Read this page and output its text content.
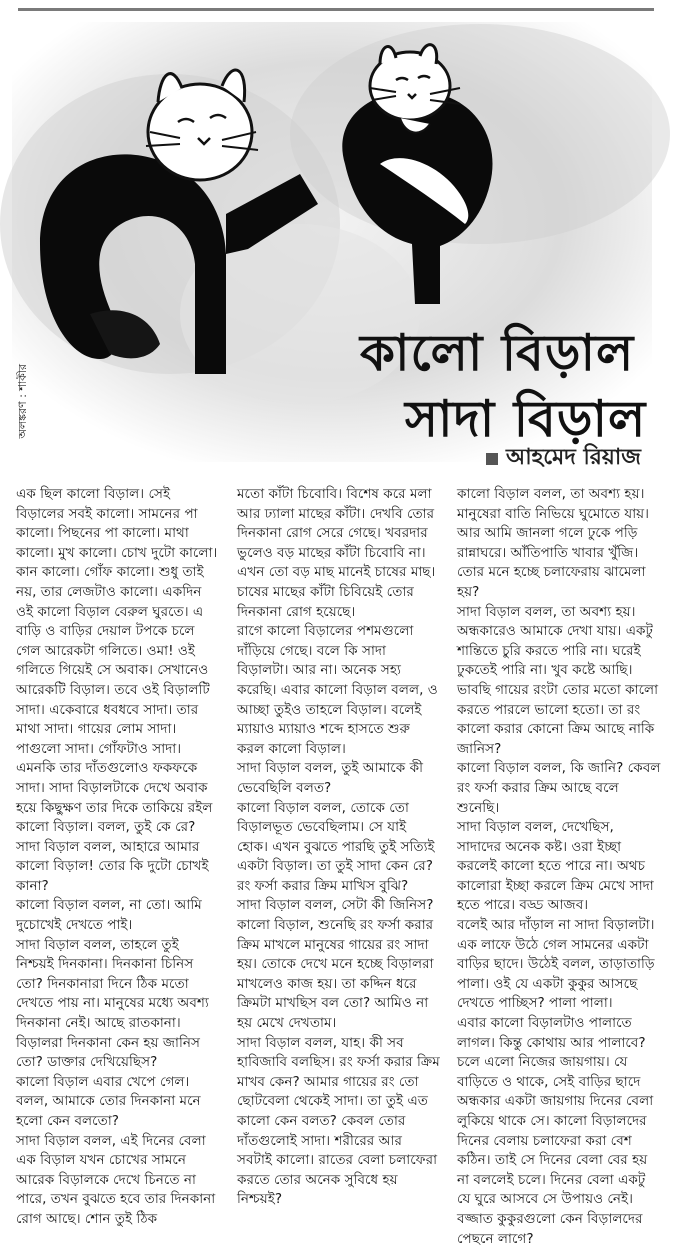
কালো বিড়াল
সাদা বিড়াল
অলঙ্করণ : শাকীর
আহমেদ রিয়াজ

এক ছিল কালো বিড়াল। সেই বিড়ালের সবই কালো। সামনের পা কালো। পিছনের পা কালো। মাথা কালো। মুখ কালো। চোখ দুটো কালো। কান কালো। গোঁফ কালো। শুধু তাই নয়, তার লেজটাও কালো। একদিন ওই কালো বিড়াল বেরুল ঘুরতে। এ বাড়ি ও বাড়ির দেয়াল টপকে চলে গেল আরেকটা গলিতে। ওমা! ওই গলিতে গিয়েই সে অবাক। সেখানেও আরেকটি বিড়াল। তবে ওই বিড়ালটি সাদা। একেবারে ধবধবে সাদা। তার মাথা সাদা। গায়ের লোম সাদা। পাগুলো সাদা। গোঁফটাও সাদা। এমনকি তার দাঁতগুলোও ফকফকে সাদা। সাদা বিড়ালটাকে দেখে অবাক হয়ে কিছুক্ষণ তার দিকে তাকিয়ে রইল কালো বিড়াল। বলল, তুই কে রে?

সাদা বিড়াল বলল, আহারে আমার কালো বিড়াল! তোর কি দুটো চোখই কানা?

কালো বিড়াল বলল, না তো। আমি দুচোখেই দেখতে পাই।

সাদা বিড়াল বলল, তাহলে তুই নিশ্চয়ই দিনকানা। দিনকানা চিনিস তো? দিনকানারা দিনে ঠিক মতো দেখতে পায় না। মানুষের মধ্যে অবশ্য দিনকানা নেই। আছে রাতকানা। বিড়ালরা দিনকানা কেন হয় জানিস তো? ডাক্তার দেখিয়েছিস?

কালো বিড়াল এবার খেপে গেল। বলল, আমাকে তোর দিনকানা মনে হলো কেন বলতো?

সাদা বিড়াল বলল, এই দিনের বেলা এক বিড়াল যখন চোখের সামনে আরেক বিড়ালকে দেখে চিনতে না পারে, তখন বুঝতে হবে তার দিনকানা রোগ আছে। শোন তুই ঠিক

মতো কাঁটা চিবোবি। বিশেষ করে মলা আর ঢ্যালা মাছের কাঁটা। দেখবি তোর দিনকানা রোগ সেরে গেছে। খবরদার ভুলেও বড় মাছের কাঁটা চিবোবি না। এখন তো বড় মাছ মানেই চাষের মাছ। চাষের মাছের কাঁটা চিবিয়েই তোর দিনকানা রোগ হয়েছে।

রাগে কালো বিড়ালের পশমগুলো দাঁড়িয়ে গেছে। বলে কি সাদা বিড়ালটা। আর না। অনেক সহ্য করেছি। এবার কালো বিড়াল বলল, ও আচ্ছা তুইও তাহলে বিড়াল। বলেই ম্যায়াও ম্যায়াও শব্দে হাসতে শুরু করল কালো বিড়াল।

সাদা বিড়াল বলল, তুই আমাকে কী ভেবেছিলি বলত?

কালো বিড়াল বলল, তোকে তো বিড়ালভূত ভেবেছিলাম। সে যাই হোক। এখন বুঝতে পারছি তুই সত্যিই একটা বিড়াল। তা তুই সাদা কেন রে? রং ফর্সা করার ক্রিম মাখিস বুঝি?

সাদা বিড়াল বলল, সেটা কী জিনিস?

কালো বিড়াল, শুনেছি রং ফর্সা করার ক্রিম মাখলে মানুষের গায়ের রং সাদা হয়। তোকে দেখে মনে হচ্ছে বিড়ালরা মাখলেও কাজ হয়। তা কদ্দিন ধরে ক্রিমটা মাখছিস বল তো? আমিও না হয় মেখে দেখতাম।

সাদা বিড়াল বলল, যাহ। কী সব হাবিজাবি বলছিস। রং ফর্সা করার ক্রিম মাখব কেন? আমার গায়ের রং তো ছোটবেলা থেকেই সাদা। তা তুই এত কালো কেন বলত? কেবল তোর দাঁতগুলোই সাদা। শরীরের আর সবটাই কালো। রাতের বেলা চলাফেরা করতে তোর অনেক সুবিধে হয় নিশ্চয়ই?

কালো বিড়াল বলল, তা অবশ্য হয়। মানুষেরা বাতি নিভিয়ে ঘুমোতে যায়। আর আমি জানলা গলে ঢুকে পড়ি রান্নাঘরে। আঁতিপাতি খাবার খুঁজি। তোর মনে হচ্ছে চলাফেরায় ঝামেলা হয়?

সাদা বিড়াল বলল, তা অবশ্য হয়। অন্ধকারেও আমাকে দেখা যায়। একটু শান্তিতে চুরি করতে পারি না। ঘরেই ঢুকতেই পারি না। খুব কষ্টে আছি। ভাবছি গায়ের রংটা তোর মতো কালো করতে পারলে ভালো হতো। তা রং কালো করার কোনো ক্রিম আছে নাকি জানিস?

কালো বিড়াল বলল, কি জানি? কেবল রং ফর্সা করার ক্রিম আছে বলে শুনেছি।

সাদা বিড়াল বলল, দেখেছিস, সাদাদের অনেক কষ্ট। ওরা ইচ্ছা করলেই কালো হতে পারে না। অথচ কালোরা ইচ্ছা করলে ক্রিম মেখে সাদা হতে পারে। বড্ড আজব।

বলেই আর দাঁড়াল না সাদা বিড়ালটা। এক লাফে উঠে গেল সামনের একটা বাড়ির ছাদে। উঠেই বলল, তাড়াতাড়ি পালা। ওই যে একটা কুকুর আসছে দেখতে পাচ্ছিস? পালা পালা।

এবার কালো বিড়ালটাও পালাতে লাগল। কিন্তু কোথায় আর পালাবে? চলে এলো নিজের জায়গায়। যে বাড়িতে ও থাকে, সেই বাড়ির ছাদে অন্ধকার একটা জায়গায় দিনের বেলা লুকিয়ে থাকে সে। কালো বিড়ালদের দিনের বেলায় চলাফেরা করা বেশ কঠিন। তাই সে দিনের বেলা বের হয় না বললেই চলে। দিনের বেলা একটু যে ঘুরে আসবে সে উপায়ও নেই। বজ্জাত কুকুরগুলো কেন বিড়ালদের পেছনে লাগে?
